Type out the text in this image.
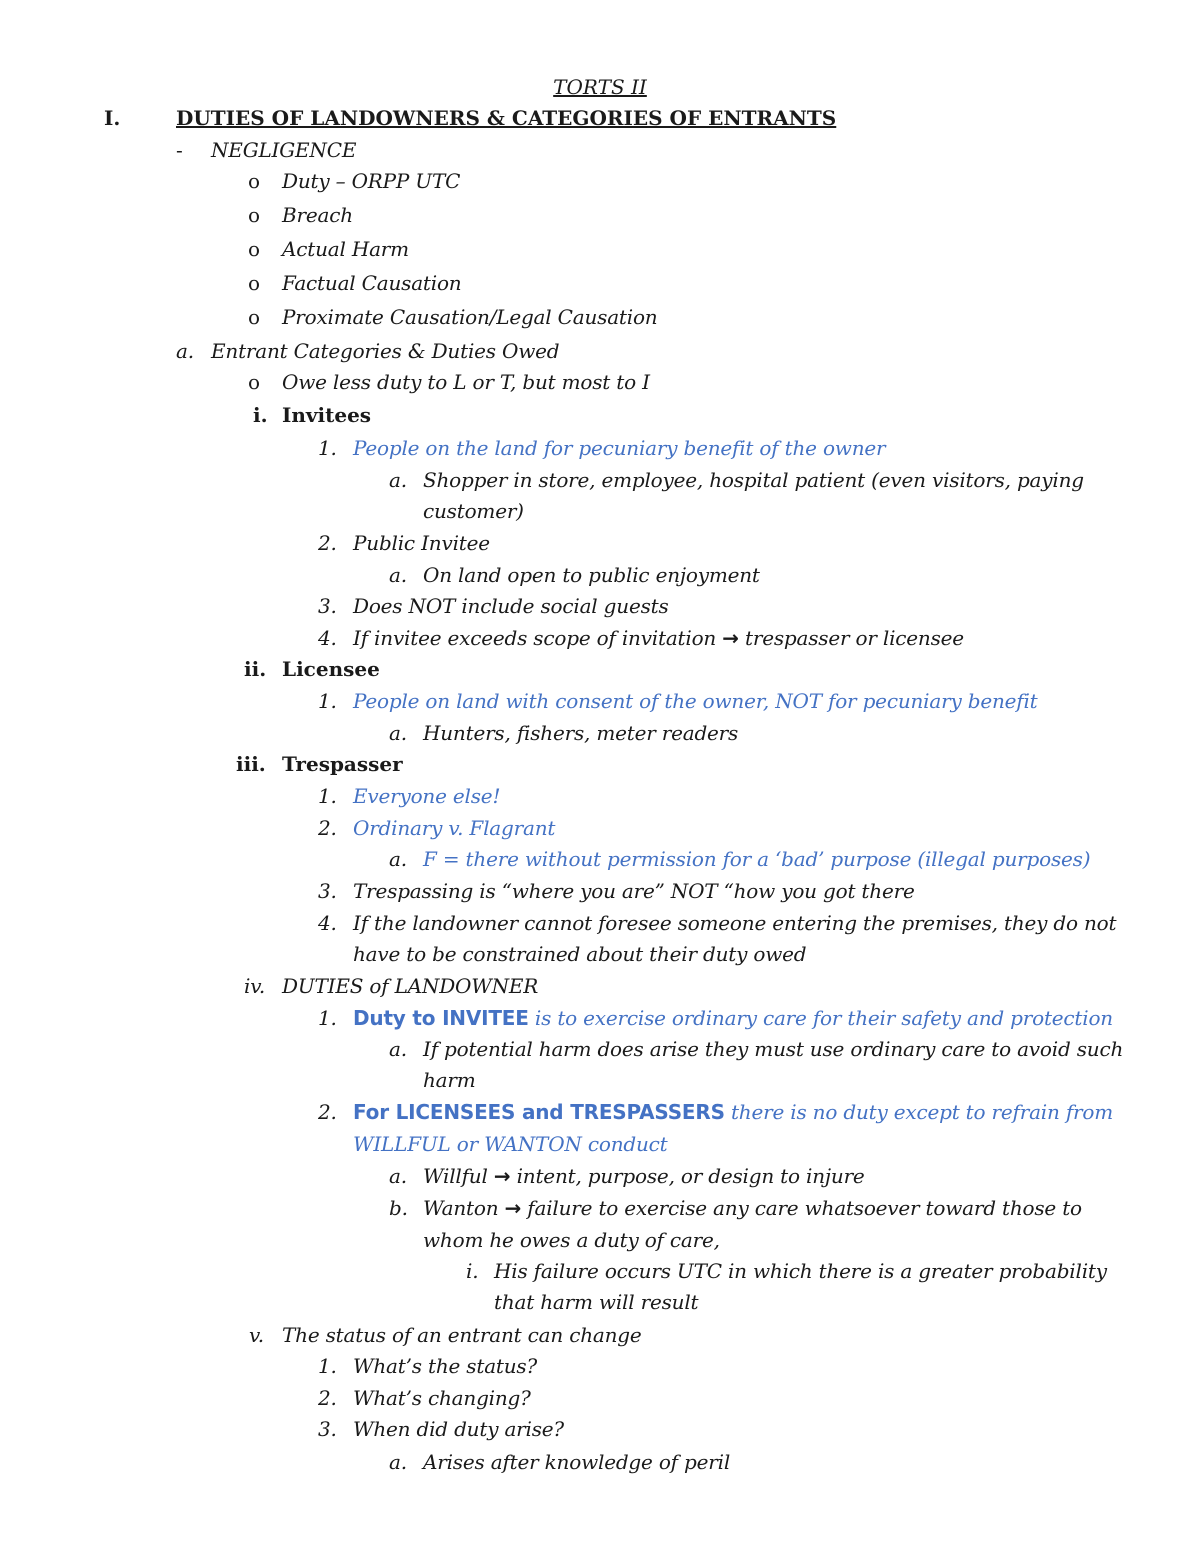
TORTS II
I.	DUTIES OF LANDOWNERS & CATEGORIES OF ENTRANTS
- NEGLIGENCE
o Duty – ORPP UTC
o Breach
o Actual Harm
o Factual Causation
o Proximate Causation/Legal Causation
a. Entrant Categories & Duties Owed
o Owe less duty to L or T, but most to I
i. Invitees
1. People on the land for pecuniary benefit of the owner
a. Shopper in store, employee, hospital patient (even visitors, paying
customer)
2. Public Invitee
a. On land open to public enjoyment
3. Does NOT include social guests
4. If invitee exceeds scope of invitation → trespasser or licensee
ii. Licensee
1. People on land with consent of the owner, NOT for pecuniary benefit
a. Hunters, fishers, meter readers
iii. Trespasser
1. Everyone else!
2. Ordinary v. Flagrant
a. F = there without permission for a ‘bad’ purpose (illegal purposes)
3. Trespassing is “where you are” NOT “how you got there
4. If the landowner cannot foresee someone entering the premises, they do not
have to be constrained about their duty owed
iv. DUTIES of LANDOWNER
1. Duty to INVITEE is to exercise ordinary care for their safety and protection
a. If potential harm does arise they must use ordinary care to avoid such
harm
2. For LICENSEES and TRESPASSERS there is no duty except to refrain from
WILLFUL or WANTON conduct
a. Willful → intent, purpose, or design to injure
b. Wanton → failure to exercise any care whatsoever toward those to
whom he owes a duty of care,
i. His failure occurs UTC in which there is a greater probability
that harm will result
v. The status of an entrant can change
1. What’s the status?
2. What’s changing?
3. When did duty arise?
a. Arises after knowledge of peril
